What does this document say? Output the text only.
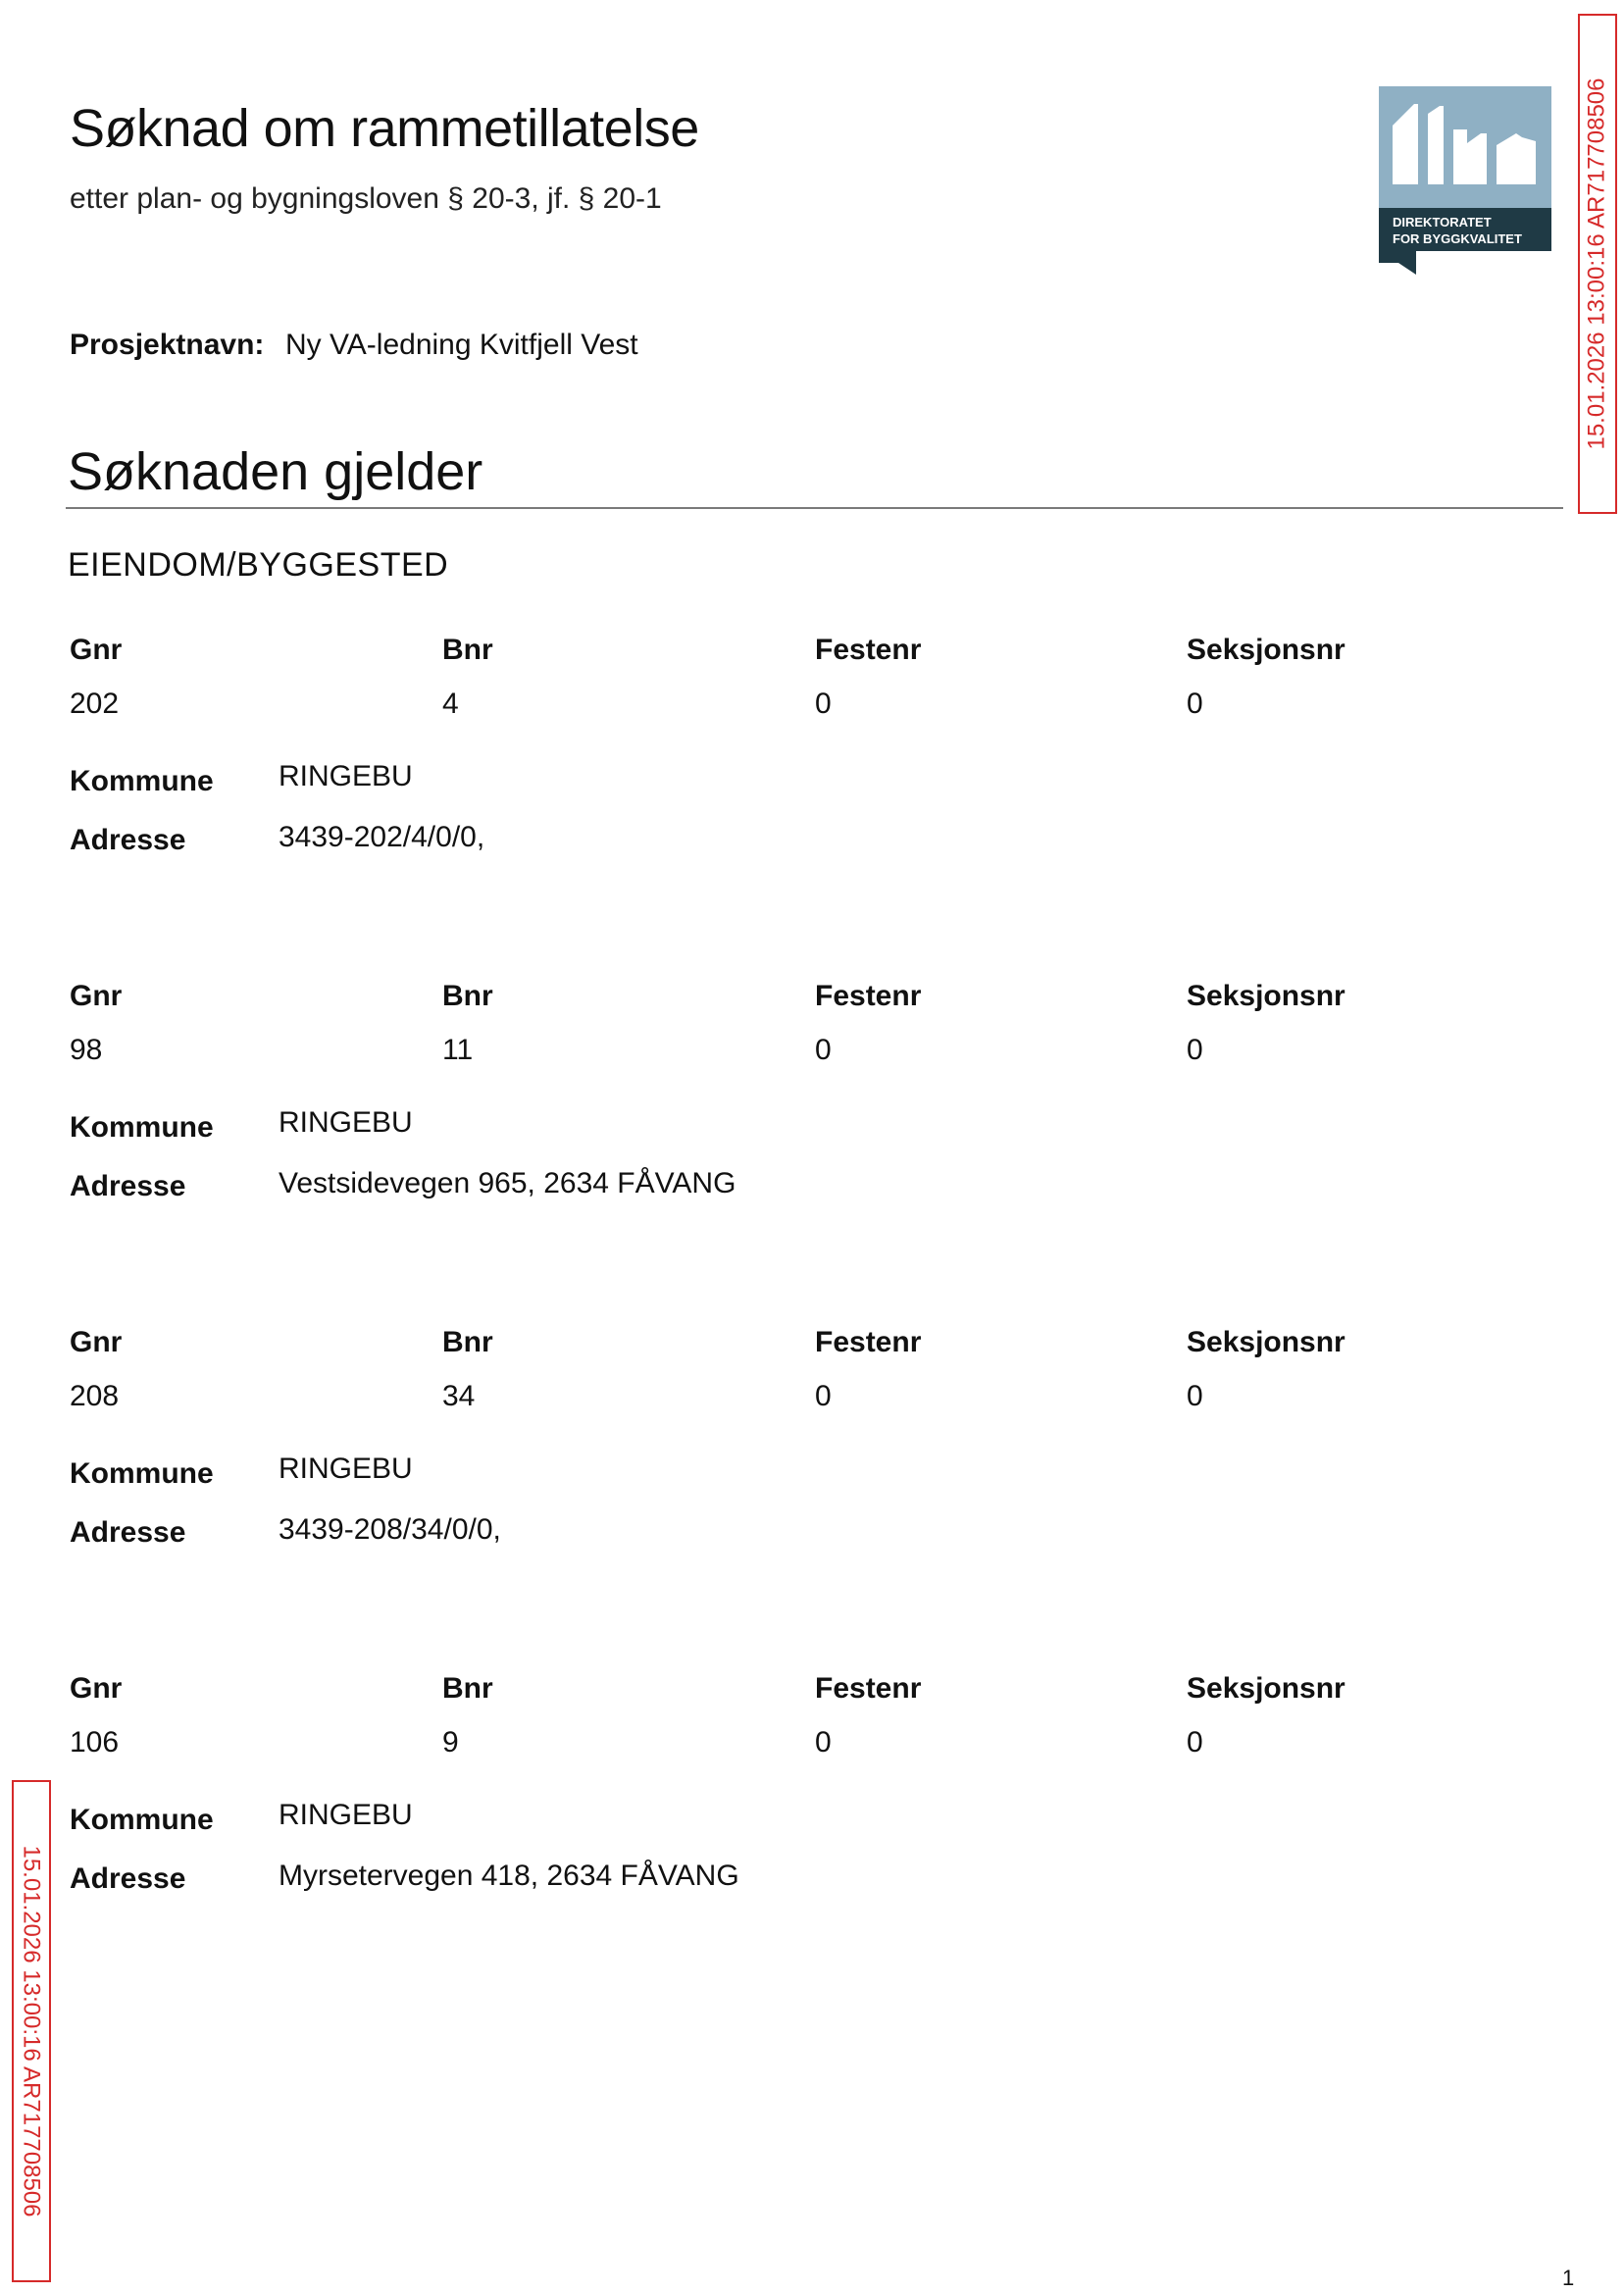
Søknad om rammetillatelse
etter plan- og bygningsloven § 20-3, jf. § 20-1
Prosjektnavn: Ny VA-ledning Kvitfjell Vest
Søknaden gjelder
EIENDOM/BYGGESTED
Gnr	Bnr	Festenr	Seksjonsnr
202	4	0	0
Kommune RINGEBU
Adresse	3439-202/4/0/0,
Gnr	Bnr	Festenr	Seksjonsnr
98	11	0	0
Kommune RINGEBU
Adresse	Vestsidevegen 965, 2634 FÅVANG
Gnr	Bnr	Festenr	Seksjonsnr
208	34	0	0
Kommune RINGEBU
Adresse	3439-208/34/0/0,
Gnr	Bnr	Festenr	Seksjonsnr
106	9	0	0
Kommune RINGEBU
Adresse	Myrsetervegen 418, 2634 FÅVANG
DIREKTORATET
FOR BYGGKVALITET	15.01.2026 13:00:16 AR717708506
15.01.2026 13:00:16 AR717708506
1
